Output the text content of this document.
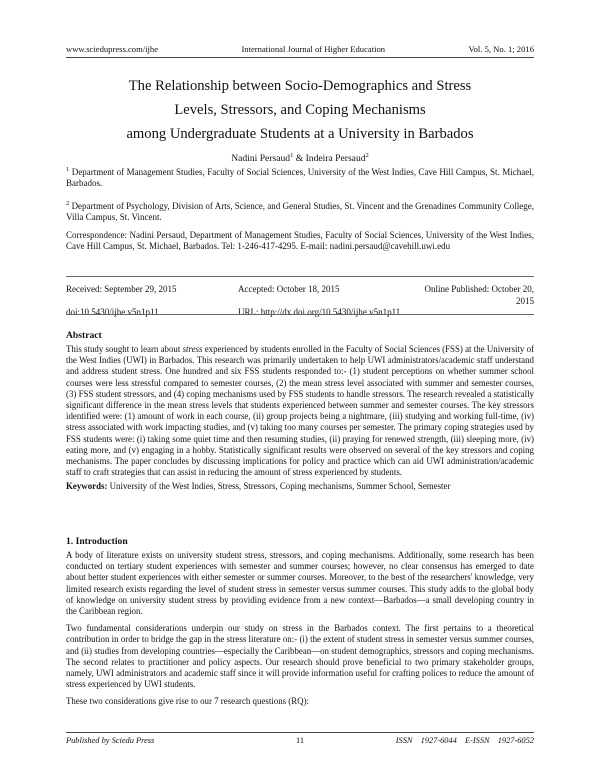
www.sciedupress.com/ijhe	International Journal of Higher Education	Vol. 5, No. 1; 2016

The Relationship between Socio-Demographics and Stress

Levels, Stressors, and Coping Mechanisms

among Undergraduate Students at a University in Barbados

Nadini Persaud$^1$ & Indeira Persaud$^2$
$^1$ Department of Management Studies, Faculty of Social Sciences, University of the West Indies, Cave Hill Campus, St. Michael, Barbados.
$^2$ Department of Psychology, Division of Arts, Science, and General Studies, St. Vincent and the Grenadines Community College, Villa Campus, St. Vincent.
Correspondence: Nadini Persaud, Department of Management Studies, Faculty of Social Sciences, University of the West Indies, Cave Hill Campus, St. Michael, Barbados. Tel: 1-246-417-4295. E-mail: nadini.persaud@cavehill.uwi.edu
Received: September 29, 2015	Accepted: October 18, 2015	Online Published: October 20, 2015
doi:10.5430/ijhe.v5n1p11	URL: http://dx.doi.org/10.5430/ijhe.v5n1p11

Abstract

This study sought to learn about stress experienced by students enrolled in the Faculty of Social Sciences (FSS) at the University of the West Indies (UWI) in Barbados. This research was primarily undertaken to help UWI administrators/academic staff understand and address student stress. One hundred and six FSS students responded to:- (1) student perceptions on whether summer school courses were less stressful compared to semester courses, (2) the mean stress level associated with summer and semester courses, (3) FSS student stressors, and (4) coping mechanisms used by FSS students to handle stressors. The research revealed a statistically significant difference in the mean stress levels that students experienced between summer and semester courses. The key stressors identified were: (1) amount of work in each course, (ii) group projects being a nightmare, (iii) studying and working full-time, (iv) stress associated with work impacting studies, and (v) taking too many courses per semester. The primary coping strategies used by FSS students were: (i) taking some quiet time and then resuming studies, (ii) praying for renewed strength, (iii) sleeping more, (iv) eating more, and (v) engaging in a hobby. Statistically significant results were observed on several of the key stressors and coping mechanisms. The paper concludes by discussing implications for policy and practice which can aid UWI administration/academic staff to craft strategies that can assist in reducing the amount of stress experienced by students.

Keywords: University of the West Indies, Stress, Stressors, Coping mechanisms, Summer School, Semester

1. Introduction

A body of literature exists on university student stress, stressors, and coping mechanisms. Additionally, some research has been conducted on tertiary student experiences with semester and summer courses; however, no clear consensus has emerged to date about better student experiences with either semester or summer courses. Moreover, to the best of the researchers' knowledge, very limited research exists regarding the level of student stress in semester versus summer courses. This study adds to the global body of knowledge on university student stress by providing evidence from a new context—Barbados—a small developing country in the Caribbean region.

Two fundamental considerations underpin our study on stress in the Barbados context. The first pertains to a theoretical contribution in order to bridge the gap in the stress literature on:- (i) the extent of student stress in semester versus summer courses, and (ii) studies from developing countries—especially the Caribbean—on student demographics, stressors and coping mechanisms. The second relates to practitioner and policy aspects. Our research should prove beneficial to two primary stakeholder groups, namely, UWI administrators and academic staff since it will provide information useful for crafting polices to reduce the amount of stress experienced by UWI students.

These two considerations give rise to our 7 research questions (RQ):

Published by Sciedu Press	11	ISSN 1927-6044 E-ISSN 1927-6052
